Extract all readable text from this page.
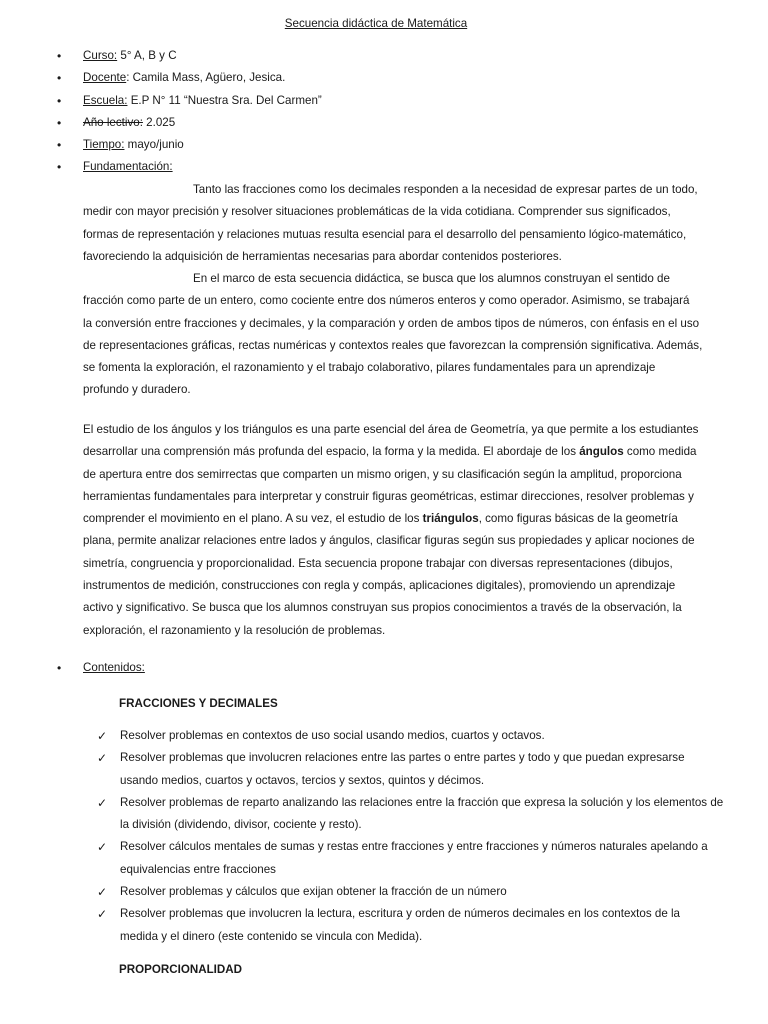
Secuencia didáctica de Matemática
• Curso: 5° A, B y C
• Docente: Camila Mass, Agüero, Jesica.
• Escuela: E.P N° 11 “Nuestra Sra. Del Carmen”
• Año lectivo: 2.025
• Tiempo: mayo/junio
• Fundamentación:
Tanto las fracciones como los decimales responden a la necesidad de expresar partes de un todo,
medir con mayor precisión y resolver situaciones problemáticas de la vida cotidiana. Comprender sus significados,
formas de representación y relaciones mutuas resulta esencial para el desarrollo del pensamiento lógico-matemático,
favoreciendo la adquisición de herramientas necesarias para abordar contenidos posteriores.
En el marco de esta secuencia didáctica, se busca que los alumnos construyan el sentido de
fracción como parte de un entero, como cociente entre dos números enteros y como operador. Asimismo, se trabajará
la conversión entre fracciones y decimales, y la comparación y orden de ambos tipos de números, con énfasis en el uso
de representaciones gráficas, rectas numéricas y contextos reales que favorezcan la comprensión significativa. Además,
se fomenta la exploración, el razonamiento y el trabajo colaborativo, pilares fundamentales para un aprendizaje
profundo y duradero.
El estudio de los ángulos y los triángulos es una parte esencial del área de Geometría, ya que permite a los estudiantes
desarrollar una comprensión más profunda del espacio, la forma y la medida. El abordaje de los ángulos como medida
de apertura entre dos semirrectas que comparten un mismo origen, y su clasificación según la amplitud, proporciona
herramientas fundamentales para interpretar y construir figuras geométricas, estimar direcciones, resolver problemas y
comprender el movimiento en el plano. A su vez, el estudio de los triángulos, como figuras básicas de la geometría
plana, permite analizar relaciones entre lados y ángulos, clasificar figuras según sus propiedades y aplicar nociones de
simetría, congruencia y proporcionalidad. Esta secuencia propone trabajar con diversas representaciones (dibujos,
instrumentos de medición, construcciones con regla y compás, aplicaciones digitales), promoviendo un aprendizaje
activo y significativo. Se busca que los alumnos construyan sus propios conocimientos a través de la observación, la
exploración, el razonamiento y la resolución de problemas.
• Contenidos:
FRACCIONES Y DECIMALES
✓ Resolver problemas en contextos de uso social usando medios, cuartos y octavos.
✓ Resolver problemas que involucren relaciones entre las partes o entre partes y todo y que puedan expresarse
usando medios, cuartos y octavos, tercios y sextos, quintos y décimos.
✓ Resolver problemas de reparto analizando las relaciones entre la fracción que expresa la solución y los elementos de
la división (dividendo, divisor, cociente y resto).
✓ Resolver cálculos mentales de sumas y restas entre fracciones y entre fracciones y números naturales apelando a
equivalencias entre fracciones
✓ Resolver problemas y cálculos que exijan obtener la fracción de un número
✓ Resolver problemas que involucren la lectura, escritura y orden de números decimales en los contextos de la
medida y el dinero (este contenido se vincula con Medida).
PROPORCIONALIDAD
